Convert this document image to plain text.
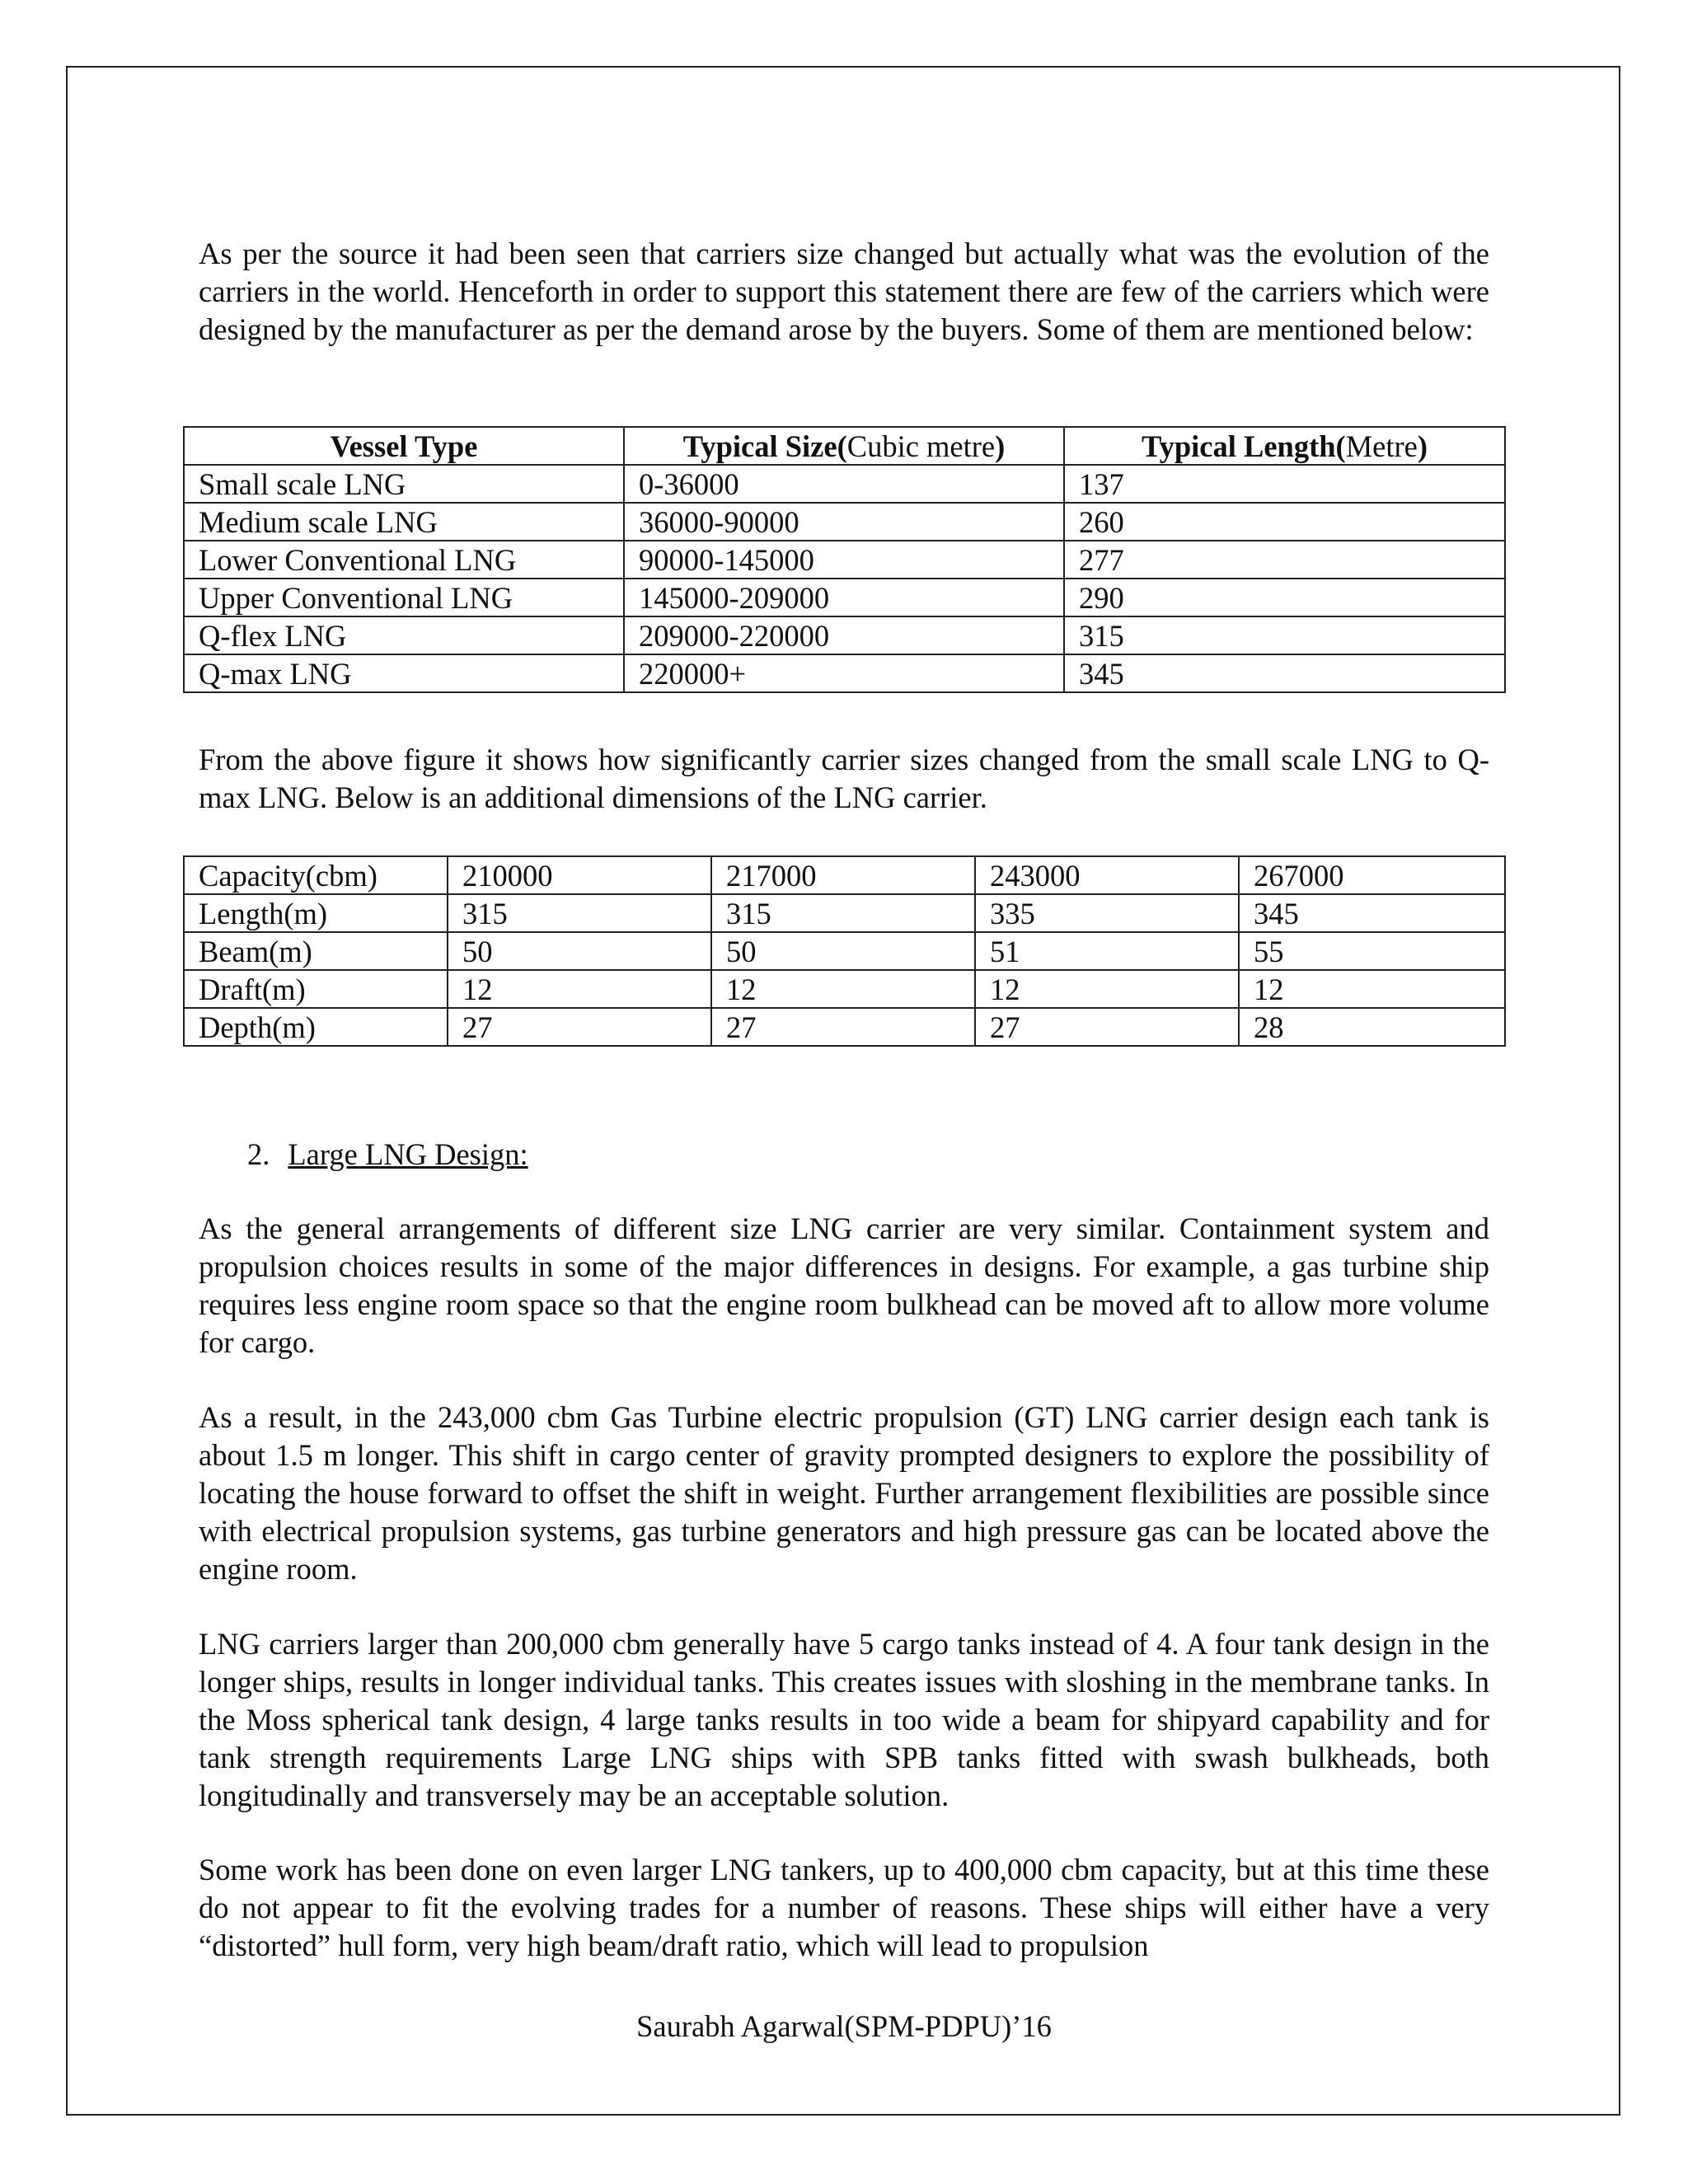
As per the source it had been seen that carriers size changed but actually what was the evolution of the carriers in the world. Henceforth in order to support this statement there are few of the carriers which were designed by the manufacturer as per the demand arose by the buyers. Some of them are mentioned below:

Vessel Type	Typical Size(Cubic metre)	Typical Length(Metre)
Small scale LNG	0-36000	137
Medium scale LNG	36000-90000	260
Lower Conventional LNG	90000-145000	277
Upper Conventional LNG	145000-209000	290
Q-flex LNG	209000-220000	315
Q-max LNG	220000+	345

From the above figure it shows how significantly carrier sizes changed from the small scale LNG to Q-max LNG. Below is an additional dimensions of the LNG carrier.

Capacity(cbm)	210000	217000	243000	267000
Length(m)	315	315	335	345
Beam(m)	50	50	51	55
Draft(m)	12	12	12	12
Depth(m)	27	27	27	28
2. Large LNG Design:

As the general arrangements of different size LNG carrier are very similar. Containment system and propulsion choices results in some of the major differences in designs. For example, a gas turbine ship requires less engine room space so that the engine room bulkhead can be moved aft to allow more volume for cargo.

As a result, in the 243,000 cbm Gas Turbine electric propulsion (GT) LNG carrier design each tank is about 1.5 m longer. This shift in cargo center of gravity prompted designers to explore the possibility of locating the house forward to offset the shift in weight. Further arrangement flexibilities are possible since with electrical propulsion systems, gas turbine generators and high pressure gas can be located above the engine room.

LNG carriers larger than 200,000 cbm generally have 5 cargo tanks instead of 4. A four tank design in the longer ships, results in longer individual tanks. This creates issues with sloshing in the membrane tanks. In the Moss spherical tank design, 4 large tanks results in too wide a beam for shipyard capability and for tank strength requirements Large LNG ships with SPB tanks fitted with swash bulkheads, both longitudinally and transversely may be an acceptable solution.

Some work has been done on even larger LNG tankers, up to 400,000 cbm capacity, but at this time these do not appear to fit the evolving trades for a number of reasons. These ships will either have a very “distorted” hull form, very high beam/draft ratio, which will lead to propulsion

Saurabh Agarwal(SPM-PDPU)’16
